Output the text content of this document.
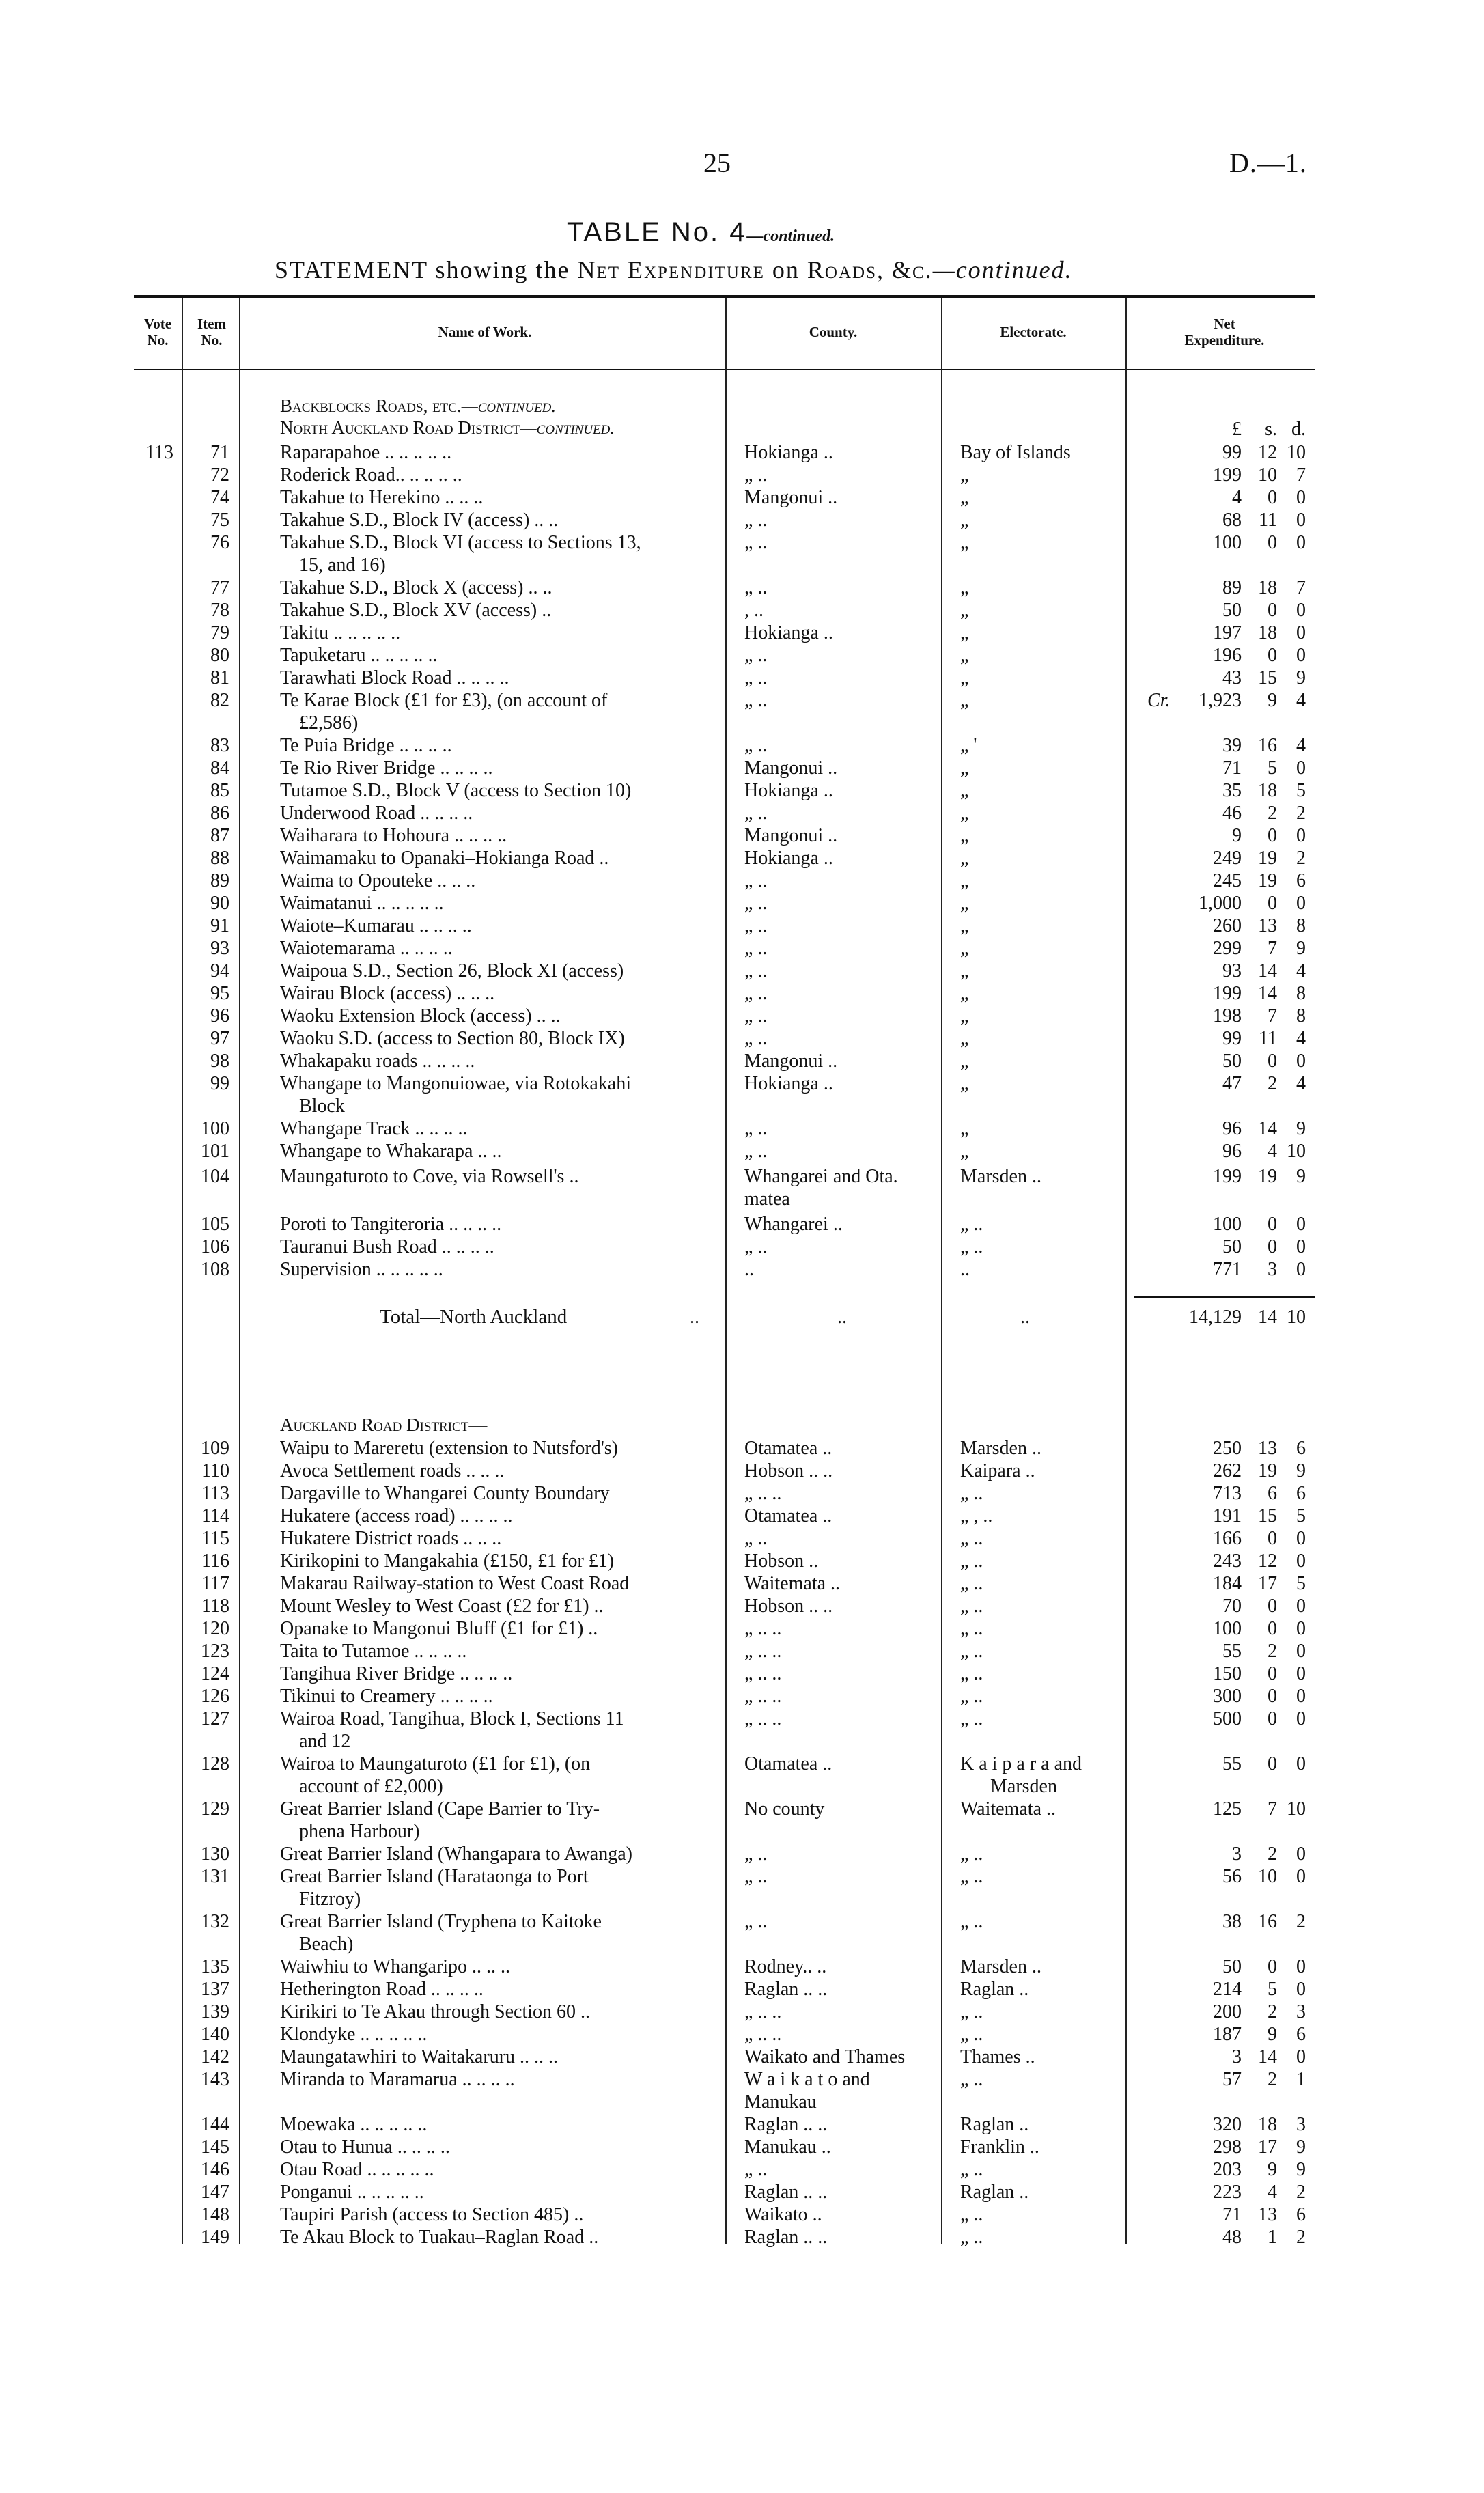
25	D.—1.
TABLE No. 4—continued.
STATEMENT showing the Net Expenditure on Roads, &c.—continued.
Vote
No.
Item
No.	Name of Work.	County.	Electorate.	Net
Expenditure.
Backblocks Roads, etc.—continued.
North Auckland Road District—continued.	£	s. d.
113	71	Raparapahoe .. .. .. .. ..	Hokianga ..	Bay of Islands	99 12 10
72	Roderick Road.. .. .. .. ..	„ ..	„	199 10	7
74	Takahue to Herekino .. .. ..	Mangonui ..	„	4	0	0
75	Takahue S.D., Block IV (access) .. ..	„ ..	„	68 11	0
76	Takahue S.D., Block VI (access to Sections 13,	„ ..	„	100	0	0
15, and 16)
77	Takahue S.D., Block X (access) .. ..	„ ..	„	89 18	7
78	Takahue S.D., Block XV (access) ..	, ..	„	50	0	0
79	Takitu .. .. .. .. ..	Hokianga ..	„	197 18	0
80	Tapuketaru .. .. .. .. ..	„ ..	„	196	0	0
81	Tarawhati Block Road .. .. .. ..	„ ..	„	43 15	9
82	Te Karae Block (£1 for £3), (on account of	„ ..	„	Cr.	1,923	9	4
£2,586)
83	Te Puia Bridge .. .. .. ..	„ ..	„ '	39 16	4
84	Te Rio River Bridge .. .. .. ..	Mangonui ..	„	71	5	0
85	Tutamoe S.D., Block V (access to Section 10)	Hokianga ..	„	35 18	5
86	Underwood Road .. .. .. ..	„ ..	„	46	2	2
87	Waiharara to Hohoura .. .. .. ..	Mangonui ..	„	9	0	0
88	Waimamaku to Opanaki–Hokianga Road ..	Hokianga ..	„	249 19	2
89	Waima to Opouteke .. .. ..	„ ..	„	245 19	6
90	Waimatanui .. .. .. .. ..	„ ..	„	1,000	0	0
91	Waiote–Kumarau .. .. .. ..	„ ..	„	260 13	8
93	Waiotemarama .. .. .. ..	„ ..	„	299	7	9
94	Waipoua S.D., Section 26, Block XI (access)	„ ..	„	93 14	4
95	Wairau Block (access) .. .. ..	„ ..	„	199 14	8
96	Waoku Extension Block (access) .. ..	„ ..	„	198	7	8
97	Waoku S.D. (access to Section 80, Block IX)	„ ..	„	99 11	4
98	Whakapaku roads .. .. .. ..	Mangonui ..	„	50	0	0
99	Whangape to Mangonuiowae, via Rotokakahi	Hokianga ..	„	47	2	4
Block
100	Whangape Track .. .. .. ..	„ ..	„	96 14	9
101	Whangape to Whakarapa .. ..	„ ..	„	96	4 10
104	Maungaturoto to Cove, via Rowsell's ..	Whangarei and Ota.	Marsden ..	199 19	9
matea
105	Poroti to Tangiteroria .. .. .. ..	Whangarei ..	„ ..	100	0	0
106	Tauranui Bush Road .. .. .. ..	„ ..	„ ..	50	0	0
108	Supervision .. .. .. .. ..	..	..	771	3	0
Total—North Auckland	..	..	..	14,129 14 10
Auckland Road District—
109	Waipu to Mareretu (extension to Nutsford's)	Otamatea ..	Marsden ..	250 13	6
110	Avoca Settlement roads .. .. ..	Hobson .. ..	Kaipara ..	262 19	9
113	Dargaville to Whangarei County Boundary	„ .. ..	„ ..	713	6	6
114	Hukatere (access road) .. .. .. ..	Otamatea ..	„ , ..	191 15	5
115	Hukatere District roads .. .. ..	„ ..	„ ..	166	0	0
116	Kirikopini to Mangakahia (£150, £1 for £1)	Hobson ..	„ ..	243 12	0
117	Makarau Railway-station to West Coast Road	Waitemata ..	„ ..	184 17	5
118	Mount Wesley to West Coast (£2 for £1) ..	Hobson .. ..	„ ..	70	0	0
120	Opanake to Mangonui Bluff (£1 for £1) ..	„ .. ..	„ ..	100	0	0
123	Taita to Tutamoe .. .. .. ..	„ .. ..	„ ..	55	2	0
124	Tangihua River Bridge .. .. .. ..	„ .. ..	„ ..	150	0	0
126	Tikinui to Creamery .. .. .. ..	„ .. ..	„ ..	300	0	0
127	Wairoa Road, Tangihua, Block I, Sections 11	„ .. ..	„ ..	500	0	0
and 12
128	Wairoa to Maungaturoto (£1 for £1), (on	Otamatea ..	K a i p a r a and	55	0	0
account of £2,000)	Marsden
129	Great Barrier Island (Cape Barrier to Try-	No county	Waitemata ..	125	7 10
phena Harbour)
130	Great Barrier Island (Whangapara to Awanga)	„ ..	„ ..	3	2	0
131	Great Barrier Island (Harataonga to Port	„ ..	„ ..	56 10	0
Fitzroy)
132	Great Barrier Island (Tryphena to Kaitoke	„ ..	„ ..	38 16	2
Beach)
135	Waiwhiu to Whangaripo .. .. ..	Rodney.. ..	Marsden ..	50	0	0
137	Hetherington Road .. .. .. ..	Raglan .. ..	Raglan ..	214	5	0
139	Kirikiri to Te Akau through Section 60 ..	„ .. ..	„ ..	200	2	3
140	Klondyke .. .. .. .. ..	„ .. ..	„ ..	187	9	6
142	Maungatawhiri to Waitakaruru .. .. ..	Waikato and Thames	Thames ..	3 14	0
143	Miranda to Maramarua .. .. .. ..	W a i k a t o and	„ ..	57	2	1
Manukau
144	Moewaka .. .. .. .. ..	Raglan .. ..	Raglan ..	320 18	3
145	Otau to Hunua .. .. .. ..	Manukau ..	Franklin ..	298 17	9
146	Otau Road .. .. .. .. ..	„ ..	„ ..	203	9	9
147	Ponganui .. .. .. .. ..	Raglan .. ..	Raglan ..	223	4	2
148	Taupiri Parish (access to Section 485) ..	Waikato ..	„ ..	71 13	6
149	Te Akau Block to Tuakau–Raglan Road ..	Raglan .. ..	„ ..	48	1	2
